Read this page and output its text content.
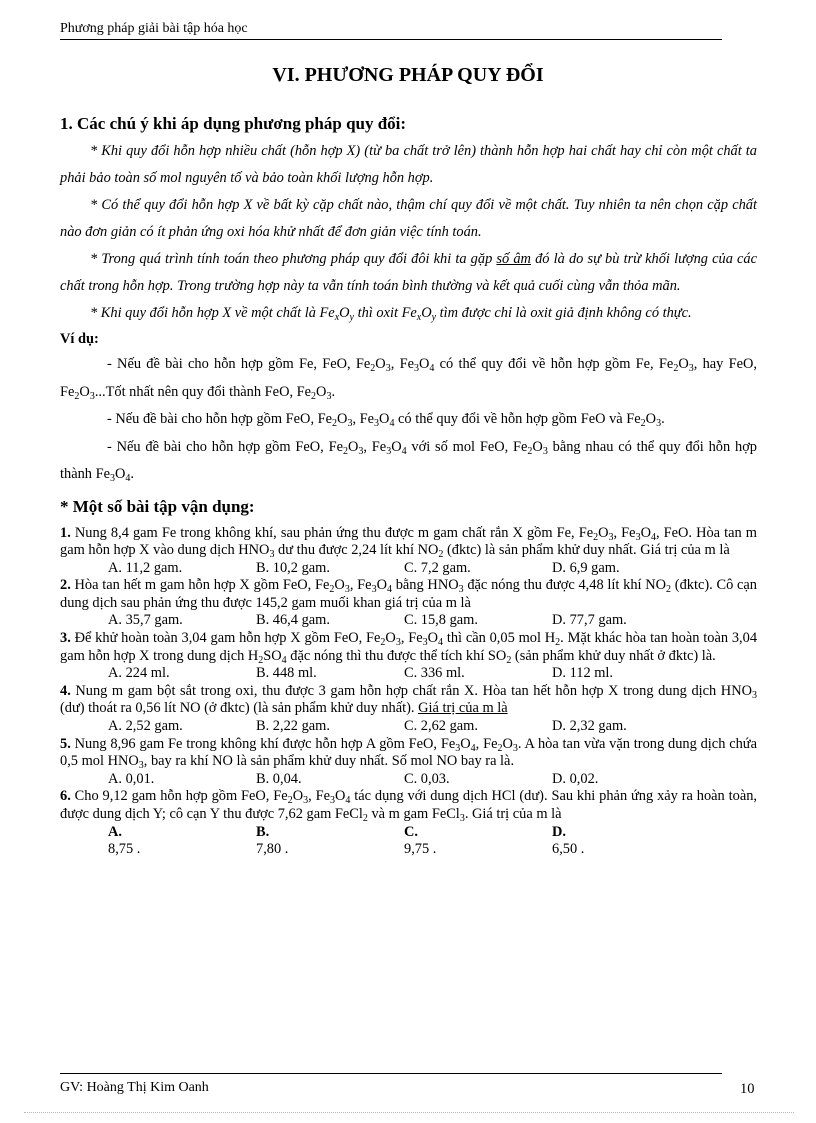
Phương pháp giải bài tập hóa học
VI. PHƯƠNG PHÁP QUY ĐỔI
1. Các chú ý khi áp dụng phương pháp quy đổi:

* Khi quy đổi hỗn hợp nhiều chất (hỗn hợp X) (từ ba chất trở lên) thành hỗn hợp hai chất hay chỉ còn một chất ta phải bảo toàn số mol nguyên tố và bảo toàn khối lượng hỗn hợp.

* Có thể quy đổi hỗn hợp X về bất kỳ cặp chất nào, thậm chí quy đổi về một chất. Tuy nhiên ta nên chọn cặp chất nào đơn giản có ít phản ứng oxi hóa khử nhất để đơn giản việc tính toán.

* Trong quá trình tính toán theo phương pháp quy đổi đôi khi ta gặp số âm đó là do sự bù trừ khối lượng của các chất trong hỗn hợp. Trong trường hợp này ta vẫn tính toán bình thường và kết quả cuối cùng vẫn thỏa mãn.

* Khi quy đổi hỗn hợp X về một chất là $Fe_xO_y$ thì oxit $Fe_xO_y$ tìm được chỉ là oxit giả định không có thực.

Ví dụ:

- Nếu đề bài cho hỗn hợp gồm Fe, FeO, $Fe_2O_3$, $Fe_3O_4$ có thể quy đổi về hỗn hợp gồm Fe, $Fe_2O_3$, hay FeO, $Fe_2O_3...Tốt$ nhất nên quy đổi thành FeO, $Fe_2O_3$.

- Nếu đề bài cho hỗn hợp gồm FeO, $Fe_2O_3$, $Fe_3O_4$ có thể quy đổi về hỗn hợp gồm FeO và $Fe_2O_3$.

- Nếu đề bài cho hỗn hợp gồm FeO, $Fe_2O_3$, $Fe_3O_4$ với số mol FeO, $Fe_2O_3$ bằng nhau có thể quy đổi hỗn hợp thành $Fe_3O_4$.

* Một số bài tập vận dụng:

1. Nung 8,4 gam Fe trong không khí, sau phản ứng thu được m gam chất rắn X gồm Fe, $Fe_2O_3$, $Fe_3O_4$, FeO. Hòa tan m gam hỗn hợp X vào dung dịch $HNO_3$ dư thu được 2,24 lít khí $NO_2$ (đktc) là sản phẩm khử duy nhất. Giá trị của m là

A. 11,2 gam.	B. 10,2 gam.	C. 7,2 gam.	D. 6,9 gam.

2. Hòa tan hết m gam hỗn hợp X gồm FeO, $Fe_2O_3$, $Fe_3O_4$ bằng $HNO_3$ đặc nóng thu được 4,48 lít khí $NO_2$ (đktc). Cô cạn dung dịch sau phản ứng thu được 145,2 gam muối khan giá trị của m là

A. 35,7 gam.	B. 46,4 gam.	C. 15,8 gam.	D. 77,7 gam.

3. Để khử hoàn toàn 3,04 gam hỗn hợp X gồm FeO, $Fe_2O_3$, $Fe_3O_4$ thì cần 0,05 mol $H_2$. Mặt khác hòa tan hoàn toàn 3,04 gam hỗn hợp X trong dung dịch $H_2SO_4$ đặc nóng thì thu được thể tích khí $SO_2$ (sản phẩm khử duy nhất ở đktc) là.

A. 224 ml.	B. 448 ml.	C. 336 ml.	D. 112 ml.

4. Nung m gam bột sắt trong oxi, thu được 3 gam hỗn hợp chất rắn X. Hòa tan hết hỗn hợp X trong dung dịch $HNO_3$ (dư) thoát ra 0,56 lít NO (ở đktc) (là sản phẩm khử duy nhất). Giá trị của m là

A. 2,52 gam.	B. 2,22 gam.	C. 2,62 gam.	D. 2,32 gam.

5. Nung 8,96 gam Fe trong không khí được hỗn hợp A gồm FeO, $Fe_3O_4$, $Fe_2O_3$. A hòa tan vừa vặn trong dung dịch chứa 0,5 mol $HNO_3$, bay ra khí NO là sản phẩm khử duy nhất. Số mol NO bay ra là.

A. 0,01.	B. 0,04.	C. 0,03.	D. 0,02.

6. Cho 9,12 gam hỗn hợp gồm FeO, $Fe_2O_3$, $Fe_3O_4$ tác dụng với dung dịch HCl (dư). Sau khi phản ứng xảy ra hoàn toàn, được dung dịch Y; cô cạn Y thu được 7,62 gam FeCl$_2$ và m gam FeCl$_3$. Giá trị của m là

A.8,75 .
B.7,80 .
C.9,75 .
D.6,50 .
GV: Hoàng Thị Kim Oanh	10
